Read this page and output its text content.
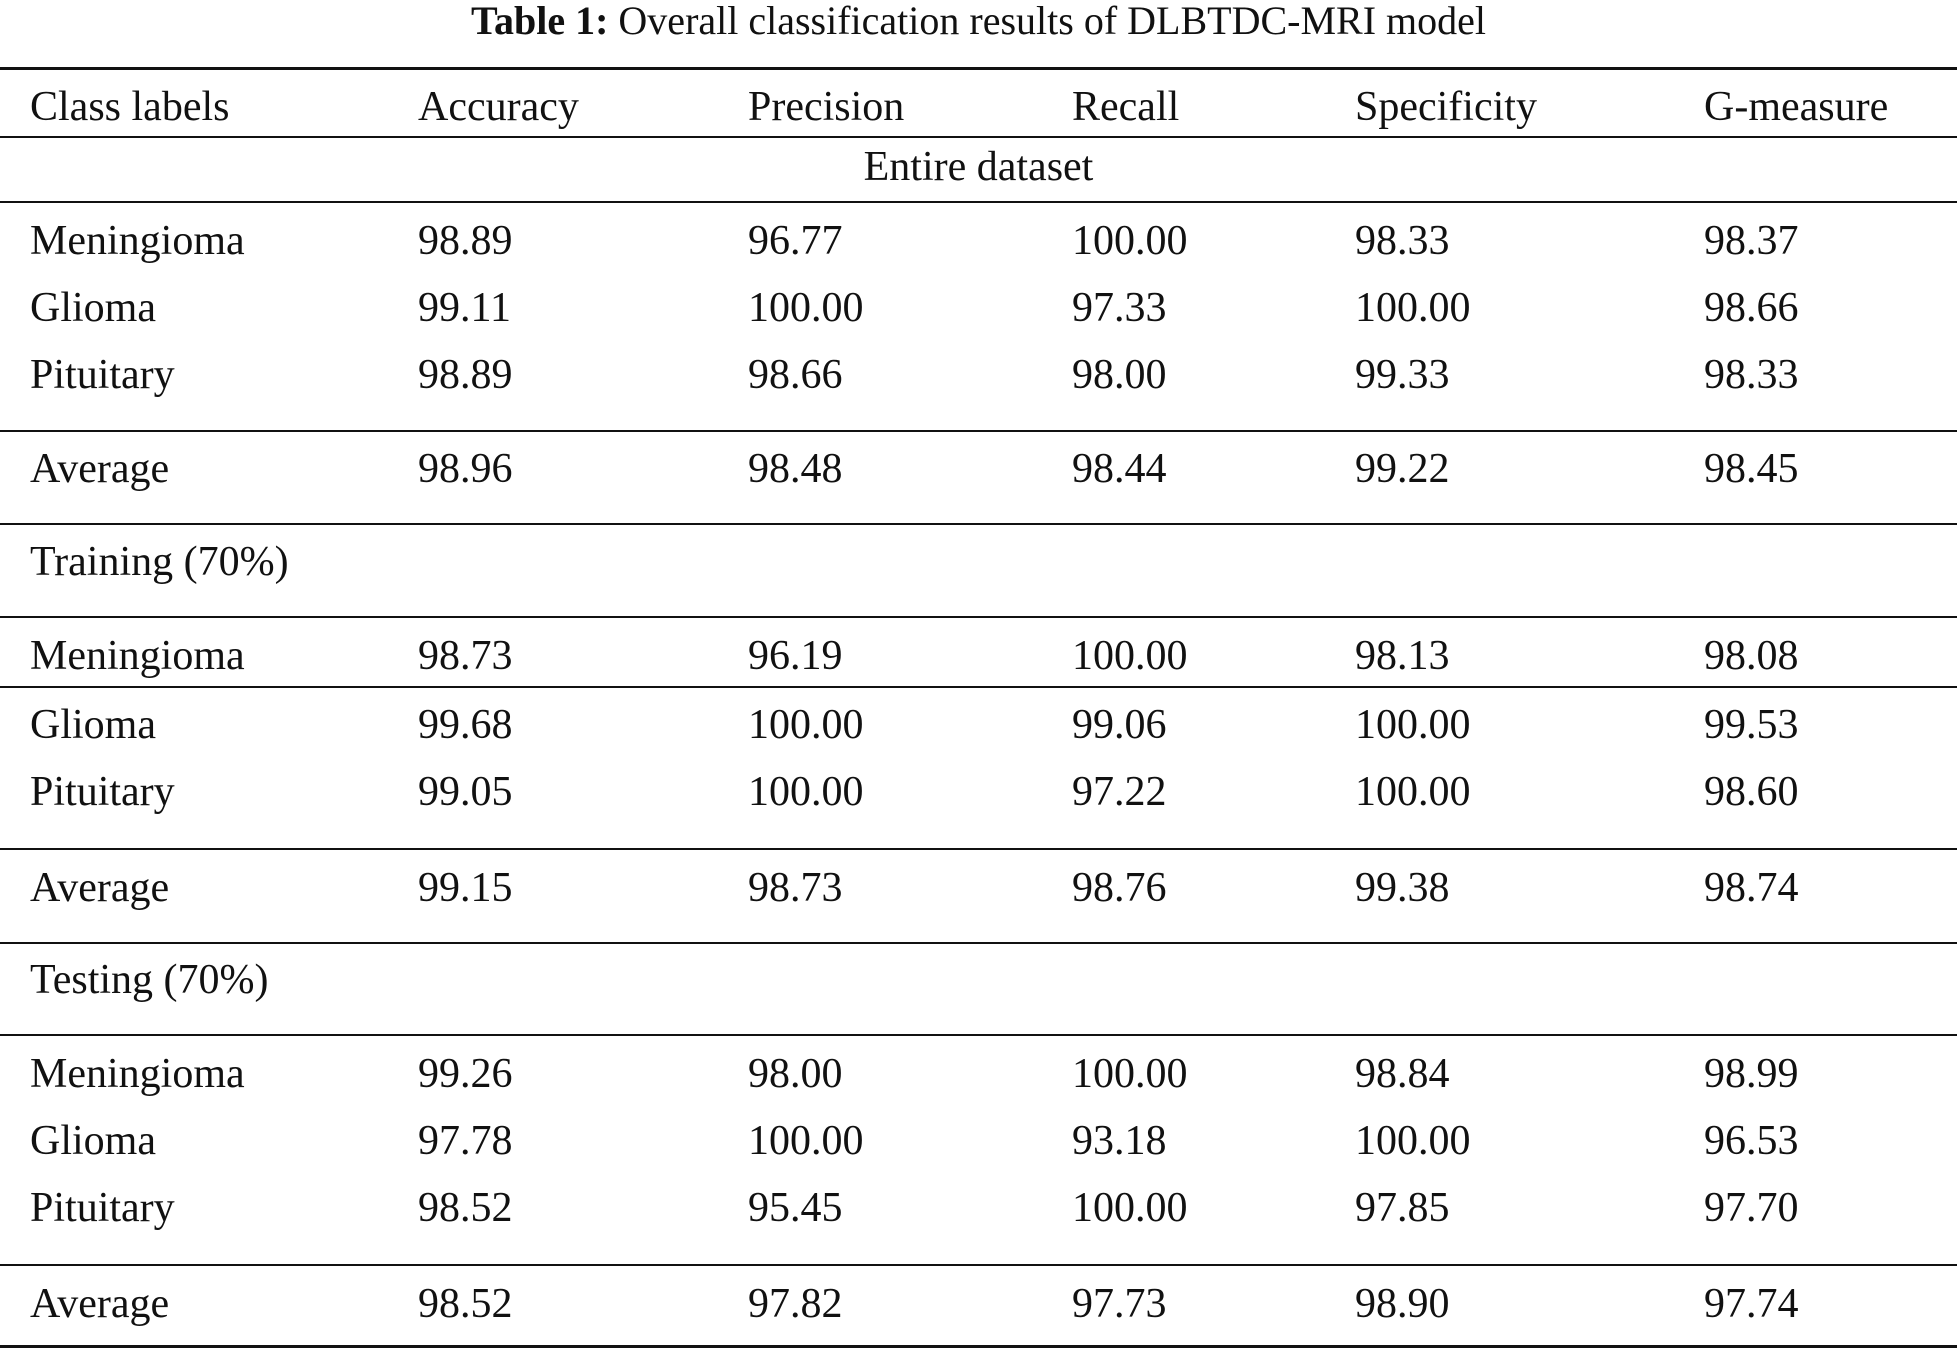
Table 1: Overall classification results of DLBTDC-MRI model
Class labels	Accuracy	Precision	Recall	Specificity	G-measure
Entire dataset
Meningioma	98.89	96.77	100.00	98.33	98.37
Glioma	99.11	100.00	97.33	100.00	98.66
Pituitary	98.89	98.66	98.00	99.33	98.33
Average	98.96	98.48	98.44	99.22	98.45
Training (70%)
Meningioma	98.73	96.19	100.00	98.13	98.08
Glioma	99.68	100.00	99.06	100.00	99.53
Pituitary	99.05	100.00	97.22	100.00	98.60
Average	99.15	98.73	98.76	99.38	98.74
Testing (70%)
Meningioma	99.26	98.00	100.00	98.84	98.99
Glioma	97.78	100.00	93.18	100.00	96.53
Pituitary	98.52	95.45	100.00	97.85	97.70
Average	98.52	97.82	97.73	98.90	97.74
